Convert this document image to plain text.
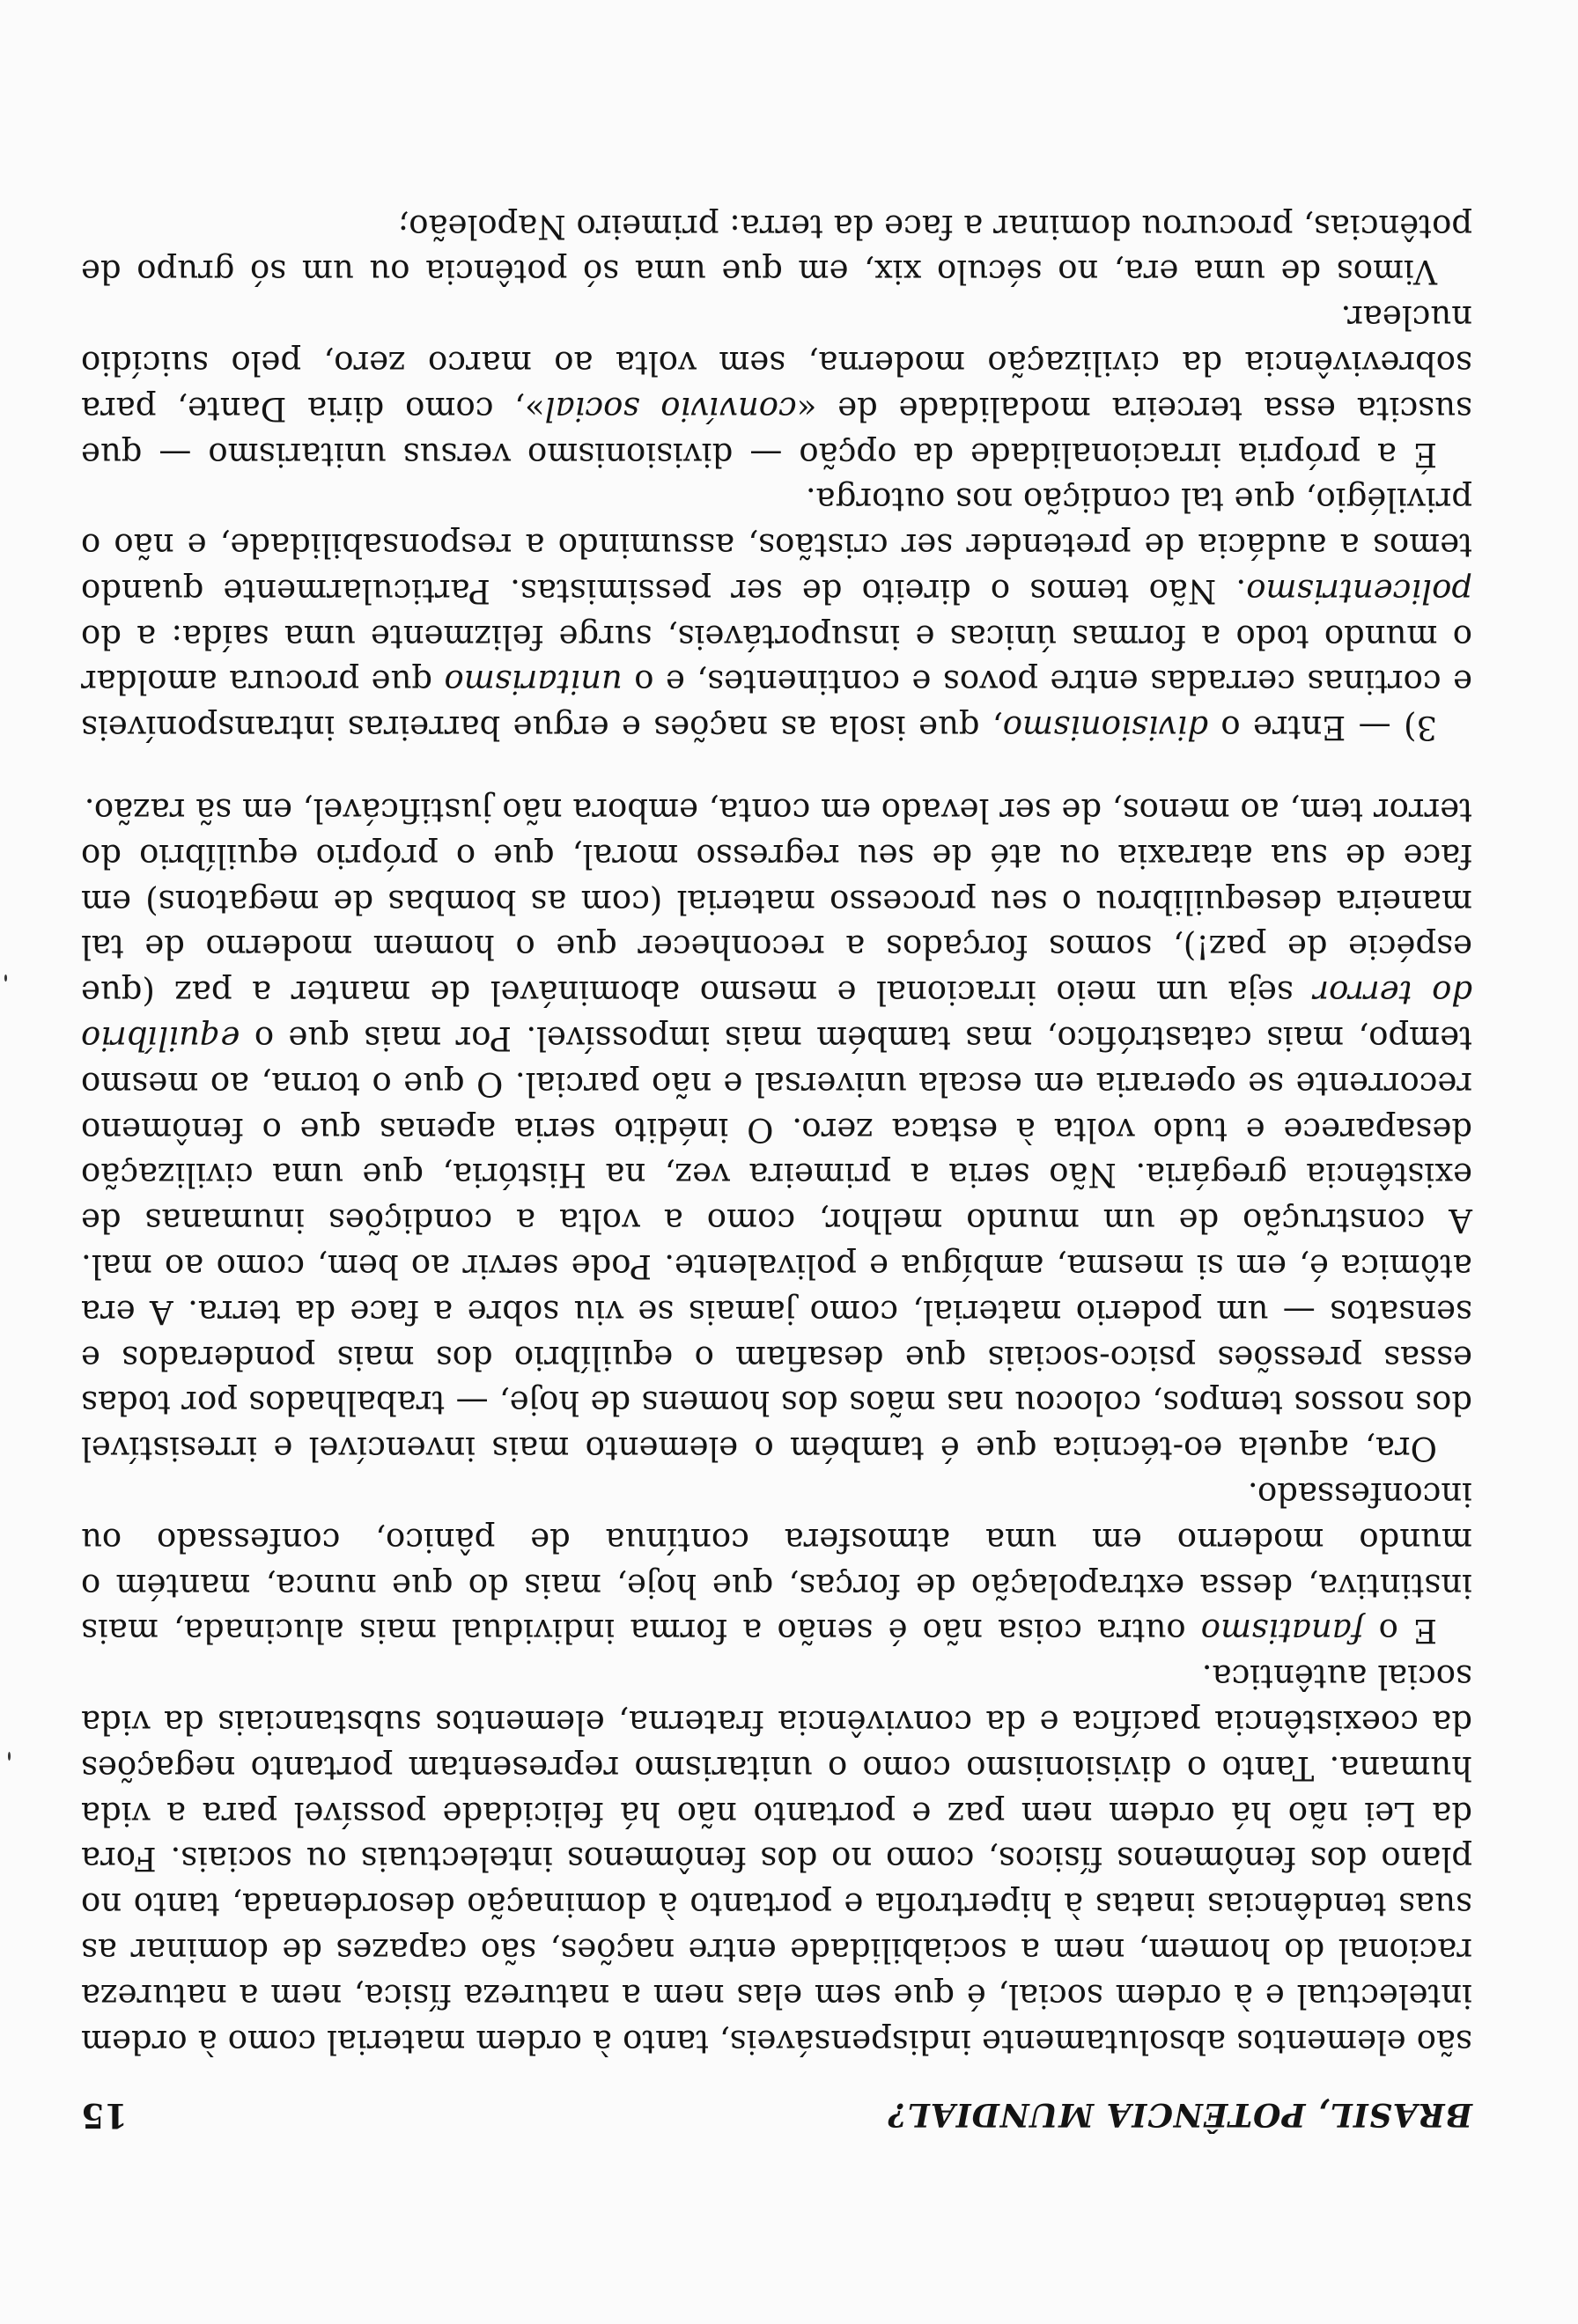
BRASIL, POTÊNCIA MUNDIAL?
15

são elementos absolutamente indispensáveis, tanto à ordem material como à ordem intelectual e à ordem social, é que sem elas nem a natureza física, nem a natureza racional do homem, nem a sociabilidade entre nações, são capazes de dominar as suas tendências inatas à hipertrofia e portanto à dominação desordenada, tanto no plano dos fenômenos físicos, como no dos fenômenos intelectuais ou sociais. Fora da Lei não há ordem nem paz e portanto não há felicidade possível para a vida humana. Tanto o divisionismo como o unitarismo representam portanto negações da coexistência pacífica e da convivência fraterna, elementos substanciais da vida social autêntica.

E o fanatismo outra coisa não é senão a forma individual mais alucinada, mais instintiva, dessa extrapolação de forças, que hoje, mais do que nunca, mantém o mundo moderno em uma atmosfera contínua de pânico, confessado ou inconfessado.

Ora, aquela eo-técnica que é também o elemento mais invencível e irresistível dos nossos tempos, colocou nas mãos dos homens de hoje, — trabalhados por todas essas pressões psico-sociais que desafiam o equilíbrio dos mais ponderados e sensatos — um poderio material, como jamais se viu sobre a face da terra. A era atômica é, em si mesma, ambígua e polivalente. Pode servir ao bem, como ao mal. A construção de um mundo melhor, como a volta a condições inumanas de existência gregária. Não seria a primeira vez, na História, que uma civilização desaparece e tudo volta à estaca zero. O inédito seria apenas que o fenômeno recorrente se operaria em escala universal e não parcial. O que o torna, ao mesmo tempo, mais catastrófico, mas também mais impossível. Por mais que o equilíbrio do terror seja um meio irracional e mesmo abominável de manter a paz (que espécie de paz!), somos forçados a reconhecer que o homem moderno de tal maneira desequilibrou o seu processo material (com as bombas de megatons) em face de sua ataraxia ou até de seu regresso moral, que o próprio equilíbrio do terror tem, ao menos, de ser levado em conta, embora não justificável, em sã razão.

3) — Entre o divisionismo, que isola as nações e ergue barreiras intransponíveis e cortinas cerradas entre povos e continentes, e o unitarismo que procura amoldar o mundo todo a formas únicas e insuportáveis, surge felizmente uma saída: a do policentrismo. Não temos o direito de ser pessimistas. Particularmente quando temos a audácia de pretender ser cristãos, assumindo a responsabilidade, e não o privilégio, que tal condição nos outorga.

É a própria irracionalidade da opção — divisionismo versus unitarismo — que suscita essa terceira modalidade de «convívio social», como diria Dante, para sobrevivência da civilização moderna, sem volta ao marco zero, pelo suicídio nuclear.

Vimos de uma era, no século xix, em que uma só potência ou um só grupo de potências, procurou dominar a face da terra: primeiro Napoleão;
